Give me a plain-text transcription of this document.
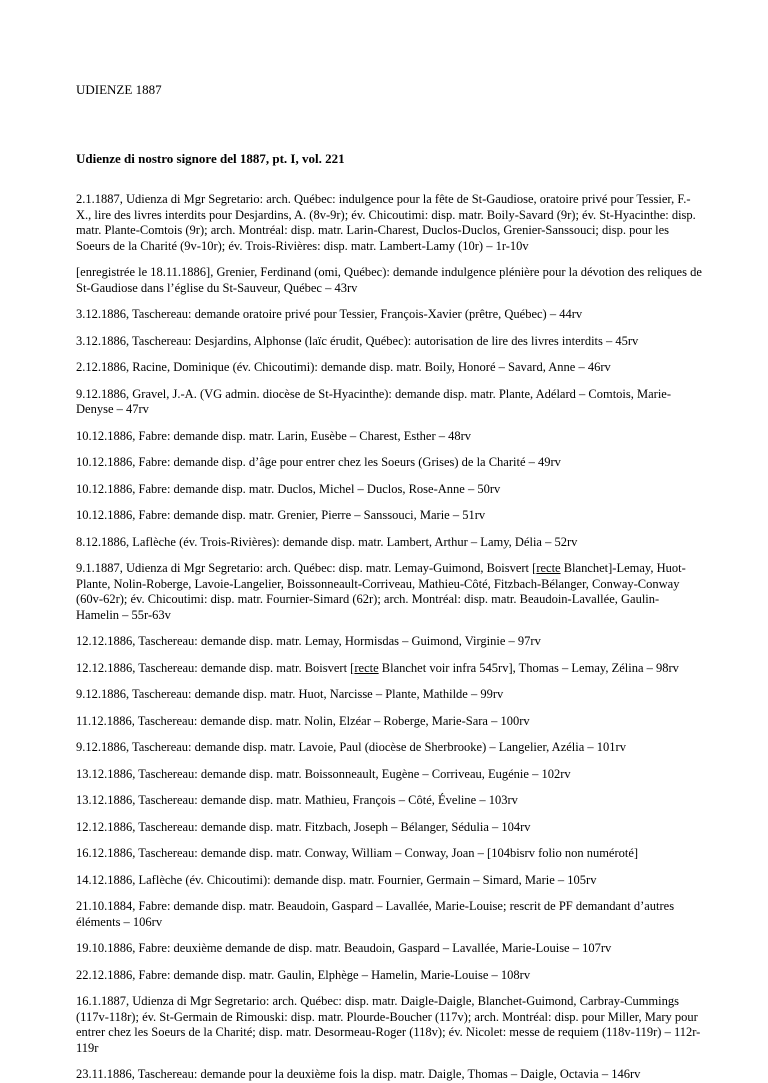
UDIENZE 1887

Udienze di nostro signore del 1887, pt. I, vol. 221

2.1.1887, Udienza di Mgr Segretario: arch. Québec: indulgence pour la fête de St-Gaudiose, oratoire privé pour Tessier, F.-X., lire des livres interdits pour Desjardins, A. (8v-9r); év. Chicoutimi: disp. matr. Boily-Savard (9r); év. St-Hyacinthe: disp. matr. Plante-Comtois (9r); arch. Montréal: disp. matr. Larin-Charest, Duclos-Duclos, Grenier-Sanssouci; disp. pour les Soeurs de la Charité (9v-10r); év. Trois-Rivières: disp. matr. Lambert-Lamy (10r) – 1r-10v

[enregistrée le 18.11.1886], Grenier, Ferdinand (omi, Québec): demande indulgence plénière pour la dévotion des reliques de St-Gaudiose dans l’église du St-Sauveur, Québec – 43rv

3.12.1886, Taschereau: demande oratoire privé pour Tessier, François-Xavier (prêtre, Québec) – 44rv

3.12.1886, Taschereau: Desjardins, Alphonse (laïc érudit, Québec): autorisation de lire des livres interdits – 45rv

2.12.1886, Racine, Dominique (év. Chicoutimi): demande disp. matr. Boily, Honoré – Savard, Anne – 46rv

9.12.1886, Gravel, J.-A. (VG admin. diocèse de St-Hyacinthe): demande disp. matr. Plante, Adélard – Comtois, Marie-Denyse – 47rv

10.12.1886, Fabre: demande disp. matr. Larin, Eusèbe – Charest, Esther – 48rv

10.12.1886, Fabre: demande disp. d’âge pour entrer chez les Soeurs (Grises) de la Charité – 49rv

10.12.1886, Fabre: demande disp. matr. Duclos, Michel – Duclos, Rose-Anne – 50rv

10.12.1886, Fabre: demande disp. matr. Grenier, Pierre – Sanssouci, Marie – 51rv

8.12.1886, Laflèche (év. Trois-Rivières): demande disp. matr. Lambert, Arthur – Lamy, Délia – 52rv

9.1.1887, Udienza di Mgr Segretario: arch. Québec: disp. matr. Lemay-Guimond, Boisvert [recte Blanchet]-Lemay, Huot-Plante, Nolin-Roberge, Lavoie-Langelier, Boissonneault-Corriveau, Mathieu-Côté, Fitzbach-Bélanger, Conway-Conway (60v-62r); év. Chicoutimi: disp. matr. Fournier-Simard (62r); arch. Montréal: disp. matr. Beaudoin-Lavallée, Gaulin-Hamelin – 55r-63v

12.12.1886, Taschereau: demande disp. matr. Lemay, Hormisdas – Guimond, Virginie – 97rv

12.12.1886, Taschereau: demande disp. matr. Boisvert [recte Blanchet voir infra 545rv], Thomas – Lemay, Zélina – 98rv

9.12.1886, Taschereau: demande disp. matr. Huot, Narcisse – Plante, Mathilde – 99rv

11.12.1886, Taschereau: demande disp. matr. Nolin, Elzéar – Roberge, Marie-Sara – 100rv

9.12.1886, Taschereau: demande disp. matr. Lavoie, Paul (diocèse de Sherbrooke) – Langelier, Azélia – 101rv

13.12.1886, Taschereau: demande disp. matr. Boissonneault, Eugène – Corriveau, Eugénie – 102rv

13.12.1886, Taschereau: demande disp. matr. Mathieu, François – Côté, Éveline – 103rv

12.12.1886, Taschereau: demande disp. matr. Fitzbach, Joseph – Bélanger, Sédulia – 104rv

16.12.1886, Taschereau: demande disp. matr. Conway, William – Conway, Joan – [104bisrv folio non numéroté]

14.12.1886, Laflèche (év. Chicoutimi): demande disp. matr. Fournier, Germain – Simard, Marie – 105rv

21.10.1884, Fabre: demande disp. matr. Beaudoin, Gaspard – Lavallée, Marie-Louise; rescrit de PF demandant d’autres éléments – 106rv

19.10.1886, Fabre: deuxième demande de disp. matr. Beaudoin, Gaspard – Lavallée, Marie-Louise – 107rv

22.12.1886, Fabre: demande disp. matr. Gaulin, Elphège – Hamelin, Marie-Louise – 108rv

16.1.1887, Udienza di Mgr Segretario: arch. Québec: disp. matr. Daigle-Daigle, Blanchet-Guimond, Carbray-Cummings (117v-118r); év. St-Germain de Rimouski: disp. matr. Plourde-Boucher (117v); arch. Montréal: disp. pour Miller, Mary pour entrer chez les Soeurs de la Charité; disp. matr. Desormeau-Roger (118v); év. Nicolet: messe de requiem (118v-119r) – 112r-119r

23.11.1886, Taschereau: demande pour la deuxième fois la disp. matr. Daigle, Thomas – Daigle, Octavia – 146rv
